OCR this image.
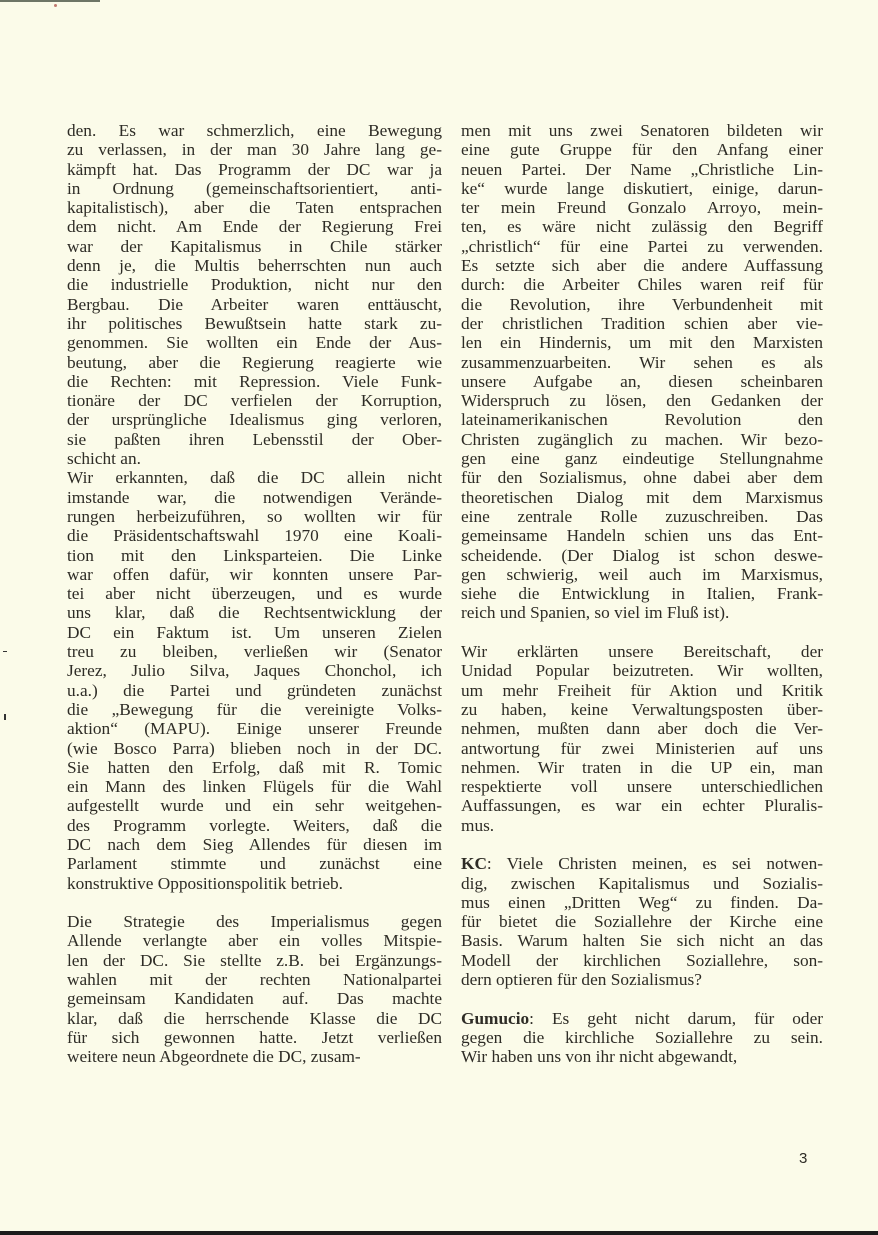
den. Es war schmerzlich, eine Bewegung
zu verlassen, in der man 30 Jahre lang ge-
kämpft hat. Das Programm der DC war ja
in Ordnung (gemeinschaftsorientiert, anti-
kapitalistisch), aber die Taten entsprachen
dem nicht. Am Ende der Regierung Frei
war der Kapitalismus in Chile stärker
denn je, die Multis beherrschten nun auch
die industrielle Produktion, nicht nur den
Bergbau. Die Arbeiter waren enttäuscht,
ihr politisches Bewußtsein hatte stark zu-
genommen. Sie wollten ein Ende der Aus-
beutung, aber die Regierung reagierte wie
die Rechten: mit Repression. Viele Funk-
tionäre der DC verfielen der Korruption,
der ursprüngliche Idealismus ging verloren,
sie paßten ihren Lebensstil der Ober-
schicht an.
Wir erkannten, daß die DC allein nicht
imstande war, die notwendigen Verände-
rungen herbeizuführen, so wollten wir für
die Präsidentschaftswahl 1970 eine Koali-
tion mit den Linksparteien. Die Linke
war offen dafür, wir konnten unsere Par-
tei aber nicht überzeugen, und es wurde
uns klar, daß die Rechtsentwicklung der
DC ein Faktum ist. Um unseren Zielen
treu zu bleiben, verließen wir (Senator
Jerez, Julio Silva, Jaques Chonchol, ich
u.a.) die Partei und gründeten zunächst
die „Bewegung für die vereinigte Volks-
aktion“ (MAPU). Einige unserer Freunde
(wie Bosco Parra) blieben noch in der DC.
Sie hatten den Erfolg, daß mit R. Tomic
ein Mann des linken Flügels für die Wahl
aufgestellt wurde und ein sehr weitgehen-
des Programm vorlegte. Weiters, daß die
DC nach dem Sieg Allendes für diesen im
Parlament stimmte und zunächst eine
konstruktive Oppositionspolitik betrieb.
Die Strategie des Imperialismus gegen
Allende verlangte aber ein volles Mitspie-
len der DC. Sie stellte z.B. bei Ergänzungs-
wahlen mit der rechten Nationalpartei
gemeinsam Kandidaten auf. Das machte
klar, daß die herrschende Klasse die DC
für sich gewonnen hatte. Jetzt verließen
weitere neun Abgeordnete die DC, zusam-
men mit uns zwei Senatoren bildeten wir
eine gute Gruppe für den Anfang einer
neuen Partei. Der Name „Christliche Lin-
ke“ wurde lange diskutiert, einige, darun-
ter mein Freund Gonzalo Arroyo, mein-
ten, es wäre nicht zulässig den Begriff
„christlich“ für eine Partei zu verwenden.
Es setzte sich aber die andere Auffassung
durch: die Arbeiter Chiles waren reif für
die Revolution, ihre Verbundenheit mit
der christlichen Tradition schien aber vie-
len ein Hindernis, um mit den Marxisten
zusammenzuarbeiten. Wir sehen es als
unsere Aufgabe an, diesen scheinbaren
Widerspruch zu lösen, den Gedanken der
lateinamerikanischen Revolution den
Christen zugänglich zu machen. Wir bezo-
gen eine ganz eindeutige Stellungnahme
für den Sozialismus, ohne dabei aber dem
theoretischen Dialog mit dem Marxismus
eine zentrale Rolle zuzuschreiben. Das
gemeinsame Handeln schien uns das Ent-
scheidende. (Der Dialog ist schon deswe-
gen schwierig, weil auch im Marxismus,
siehe die Entwicklung in Italien, Frank-
reich und Spanien, so viel im Fluß ist).
Wir erklärten unsere Bereitschaft, der
Unidad Popular beizutreten. Wir wollten,
um mehr Freiheit für Aktion und Kritik
zu haben, keine Verwaltungsposten über-
nehmen, mußten dann aber doch die Ver-
antwortung für zwei Ministerien auf uns
nehmen. Wir traten in die UP ein, man
respektierte voll unsere unterschiedlichen
Auffassungen, es war ein echter Pluralis-
mus.
KC: Viele Christen meinen, es sei notwen-
dig, zwischen Kapitalismus und Sozialis-
mus einen „Dritten Weg“ zu finden. Da-
für bietet die Soziallehre der Kirche eine
Basis. Warum halten Sie sich nicht an das
Modell der kirchlichen Soziallehre, son-
dern optieren für den Sozialismus?
Gumucio: Es geht nicht darum, für oder
gegen die kirchliche Soziallehre zu sein.
Wir haben uns von ihr nicht abgewandt,
3
